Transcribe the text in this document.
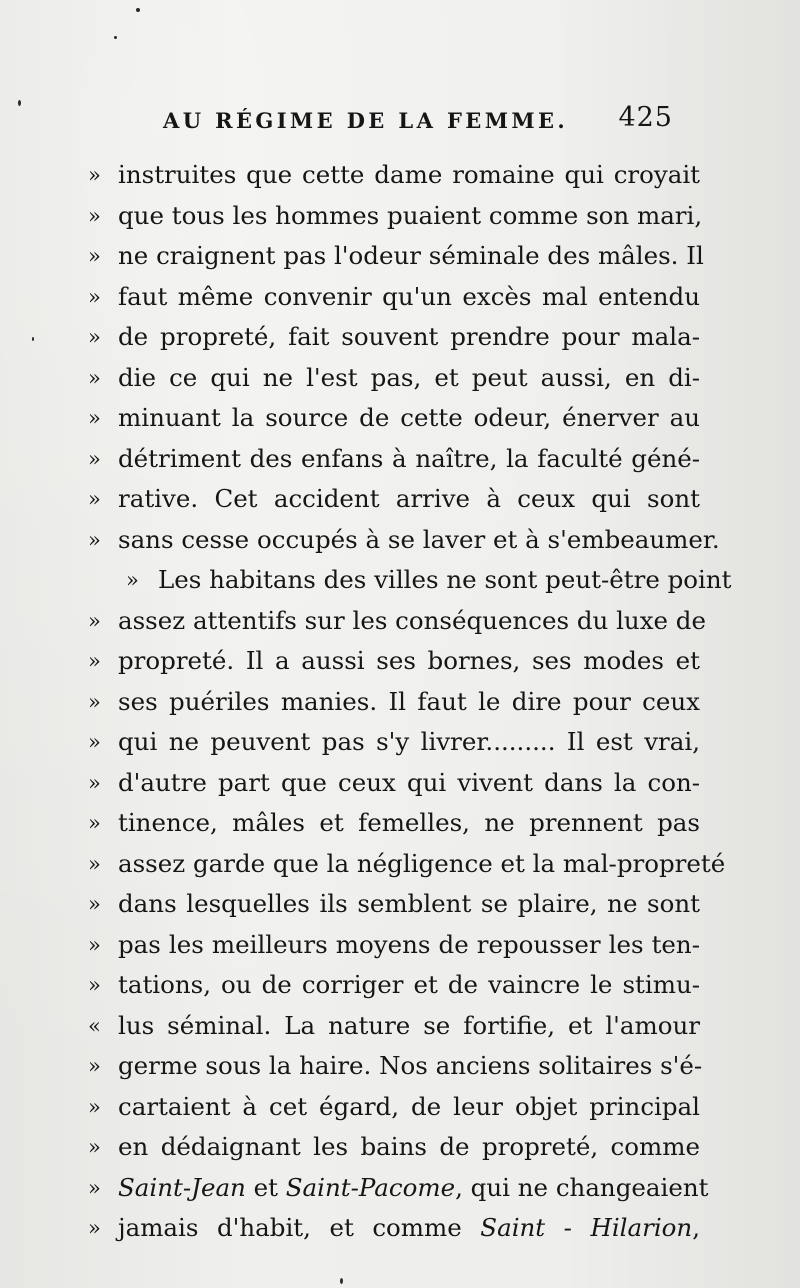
AU RÉGIME DE LA FEMME. 425
» instruites que cette dame romaine qui croyait
» que tous les hommes puaient comme son mari,
» ne craignent pas l'odeur séminale des mâles. Il
» faut même convenir qu'un excès mal entendu
» de propreté, fait souvent prendre pour mala-
» die ce qui ne l'est pas, et peut aussi, en di-
» minuant la source de cette odeur, énerver au
» détriment des enfans à naître, la faculté géné-
» rative. Cet accident arrive à ceux qui sont
» sans cesse occupés à se laver et à s'embeaumer.
» Les habitans des villes ne sont peut-être point
» assez attentifs sur les conséquences du luxe de
» propreté. Il a aussi ses bornes, ses modes et
» ses puériles manies. Il faut le dire pour ceux
» qui ne peuvent pas s'y livrer......... Il est vrai,
» d'autre part que ceux qui vivent dans la con-
» tinence, mâles et femelles, ne prennent pas
» assez garde que la négligence et la mal-propreté
» dans lesquelles ils semblent se plaire, ne sont
» pas les meilleurs moyens de repousser les ten-
» tations, ou de corriger et de vaincre le stimu-
« lus séminal. La nature se fortifie, et l'amour
» germe sous la haire. Nos anciens solitaires s'é-
» cartaient à cet égard, de leur objet principal
» en dédaignant les bains de propreté, comme
» Saint-Jean et Saint-Pacome, qui ne changeaient
» jamais d'habit, et comme Saint - Hilarion,
